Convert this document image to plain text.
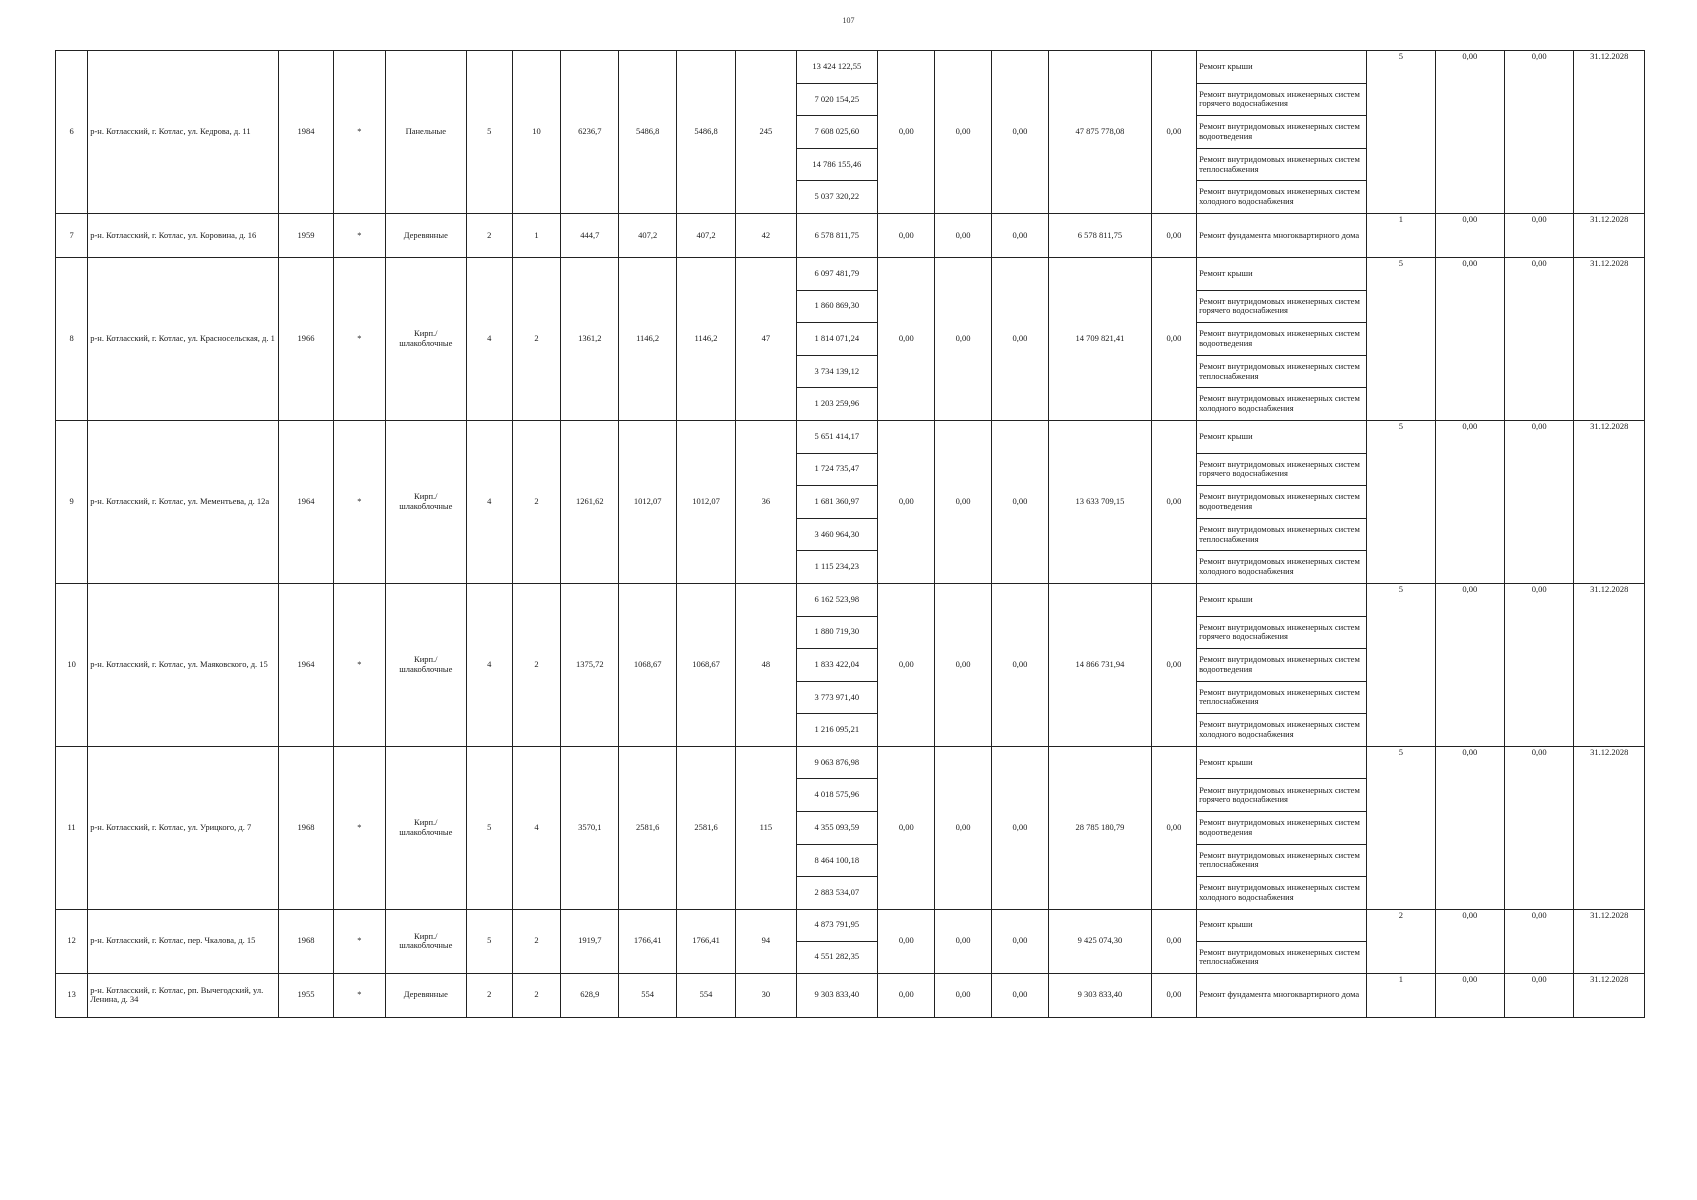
107
6	р-н. Котласский, г. Котлас, ул. Кедрова, д. 11	1984	*	Панельные	5	10	6236,7	5486,8	5486,8	245	13 424 122,55	0,00	0,00	0,00	47 875 778,08	0,00	Ремонт крыши	5	0,00	0,00	31.12.2028
											7 020 154,25						Ремонт внутридомовых инженерных систем горячего водоснабжения				
											7 608 025,60						Ремонт внутридомовых инженерных систем водоотведения				
											14 786 155,46						Ремонт внутридомовых инженерных систем теплоснабжения				
											5 037 320,22						Ремонт внутридомовых инженерных систем холодного водоснабжения				
7	р-н. Котласский, г. Котлас, ул. Коровина, д. 16	1959	*	Деревянные	2	1	444,7	407,2	407,2	42	6 578 811,75	0,00	0,00	0,00	6 578 811,75	0,00	Ремонт фундамента многоквартирного дома	1	0,00	0,00	31.12.2028
8	р-н. Котласский, г. Котлас, ул. Красносельская, д. 1	1966	*	Кирп./ шлакоблочные	4	2	1361,2	1146,2	1146,2	47	6 097 481,79	0,00	0,00	0,00	14 709 821,41	0,00	Ремонт крыши	5	0,00	0,00	31.12.2028
											1 860 869,30						Ремонт внутридомовых инженерных систем горячего водоснабжения				
											1 814 071,24						Ремонт внутридомовых инженерных систем водоотведения				
											3 734 139,12						Ремонт внутридомовых инженерных систем теплоснабжения				
											1 203 259,96						Ремонт внутридомовых инженерных систем холодного водоснабжения				
9	р-н. Котласский, г. Котлас, ул. Мементьева, д. 12а	1964	*	Кирп./ шлакоблочные	4	2	1261,62	1012,07	1012,07	36	5 651 414,17	0,00	0,00	0,00	13 633 709,15	0,00	Ремонт крыши	5	0,00	0,00	31.12.2028
											1 724 735,47						Ремонт внутридомовых инженерных систем горячего водоснабжения				
											1 681 360,97						Ремонт внутридомовых инженерных систем водоотведения				
											3 460 964,30						Ремонт внутридомовых инженерных систем теплоснабжения				
											1 115 234,23						Ремонт внутридомовых инженерных систем холодного водоснабжения				
10	р-н. Котласский, г. Котлас, ул. Маяковского, д. 15	1964	*	Кирп./ шлакоблочные	4	2	1375,72	1068,67	1068,67	48	6 162 523,98	0,00	0,00	0,00	14 866 731,94	0,00	Ремонт крыши	5	0,00	0,00	31.12.2028
											1 880 719,30						Ремонт внутридомовых инженерных систем горячего водоснабжения				
											1 833 422,04						Ремонт внутридомовых инженерных систем водоотведения				
											3 773 971,40						Ремонт внутридомовых инженерных систем теплоснабжения				
											1 216 095,21						Ремонт внутридомовых инженерных систем холодного водоснабжения				
11	р-н. Котласский, г. Котлас, ул. Урицкого, д. 7	1968	*	Кирп./ шлакоблочные	5	4	3570,1	2581,6	2581,6	115	9 063 876,98	0,00	0,00	0,00	28 785 180,79	0,00	Ремонт крыши	5	0,00	0,00	31.12.2028
											4 018 575,96						Ремонт внутридомовых инженерных систем горячего водоснабжения				
											4 355 093,59						Ремонт внутридомовых инженерных систем водоотведения				
											8 464 100,18						Ремонт внутридомовых инженерных систем теплоснабжения				
											2 883 534,07						Ремонт внутридомовых инженерных систем холодного водоснабжения				
12	р-н. Котласский, г. Котлас, пер. Чкалова, д. 15	1968	*	Кирп./ шлакоблочные	5	2	1919,7	1766,41	1766,41	94	4 873 791,95	0,00	0,00	0,00	9 425 074,30	0,00	Ремонт крыши	2	0,00	0,00	31.12.2028
											4 551 282,35						Ремонт внутридомовых инженерных систем теплоснабжения				
13	р-н. Котласский, г. Котлас, рп. Вычегодский, ул. Ленина, д. 34	1955	*	Деревянные	2	2	628,9	554	554	30	9 303 833,40	0,00	0,00	0,00	9 303 833,40	0,00	Ремонт фундамента многоквартирного дома	1	0,00	0,00	31.12.2028
